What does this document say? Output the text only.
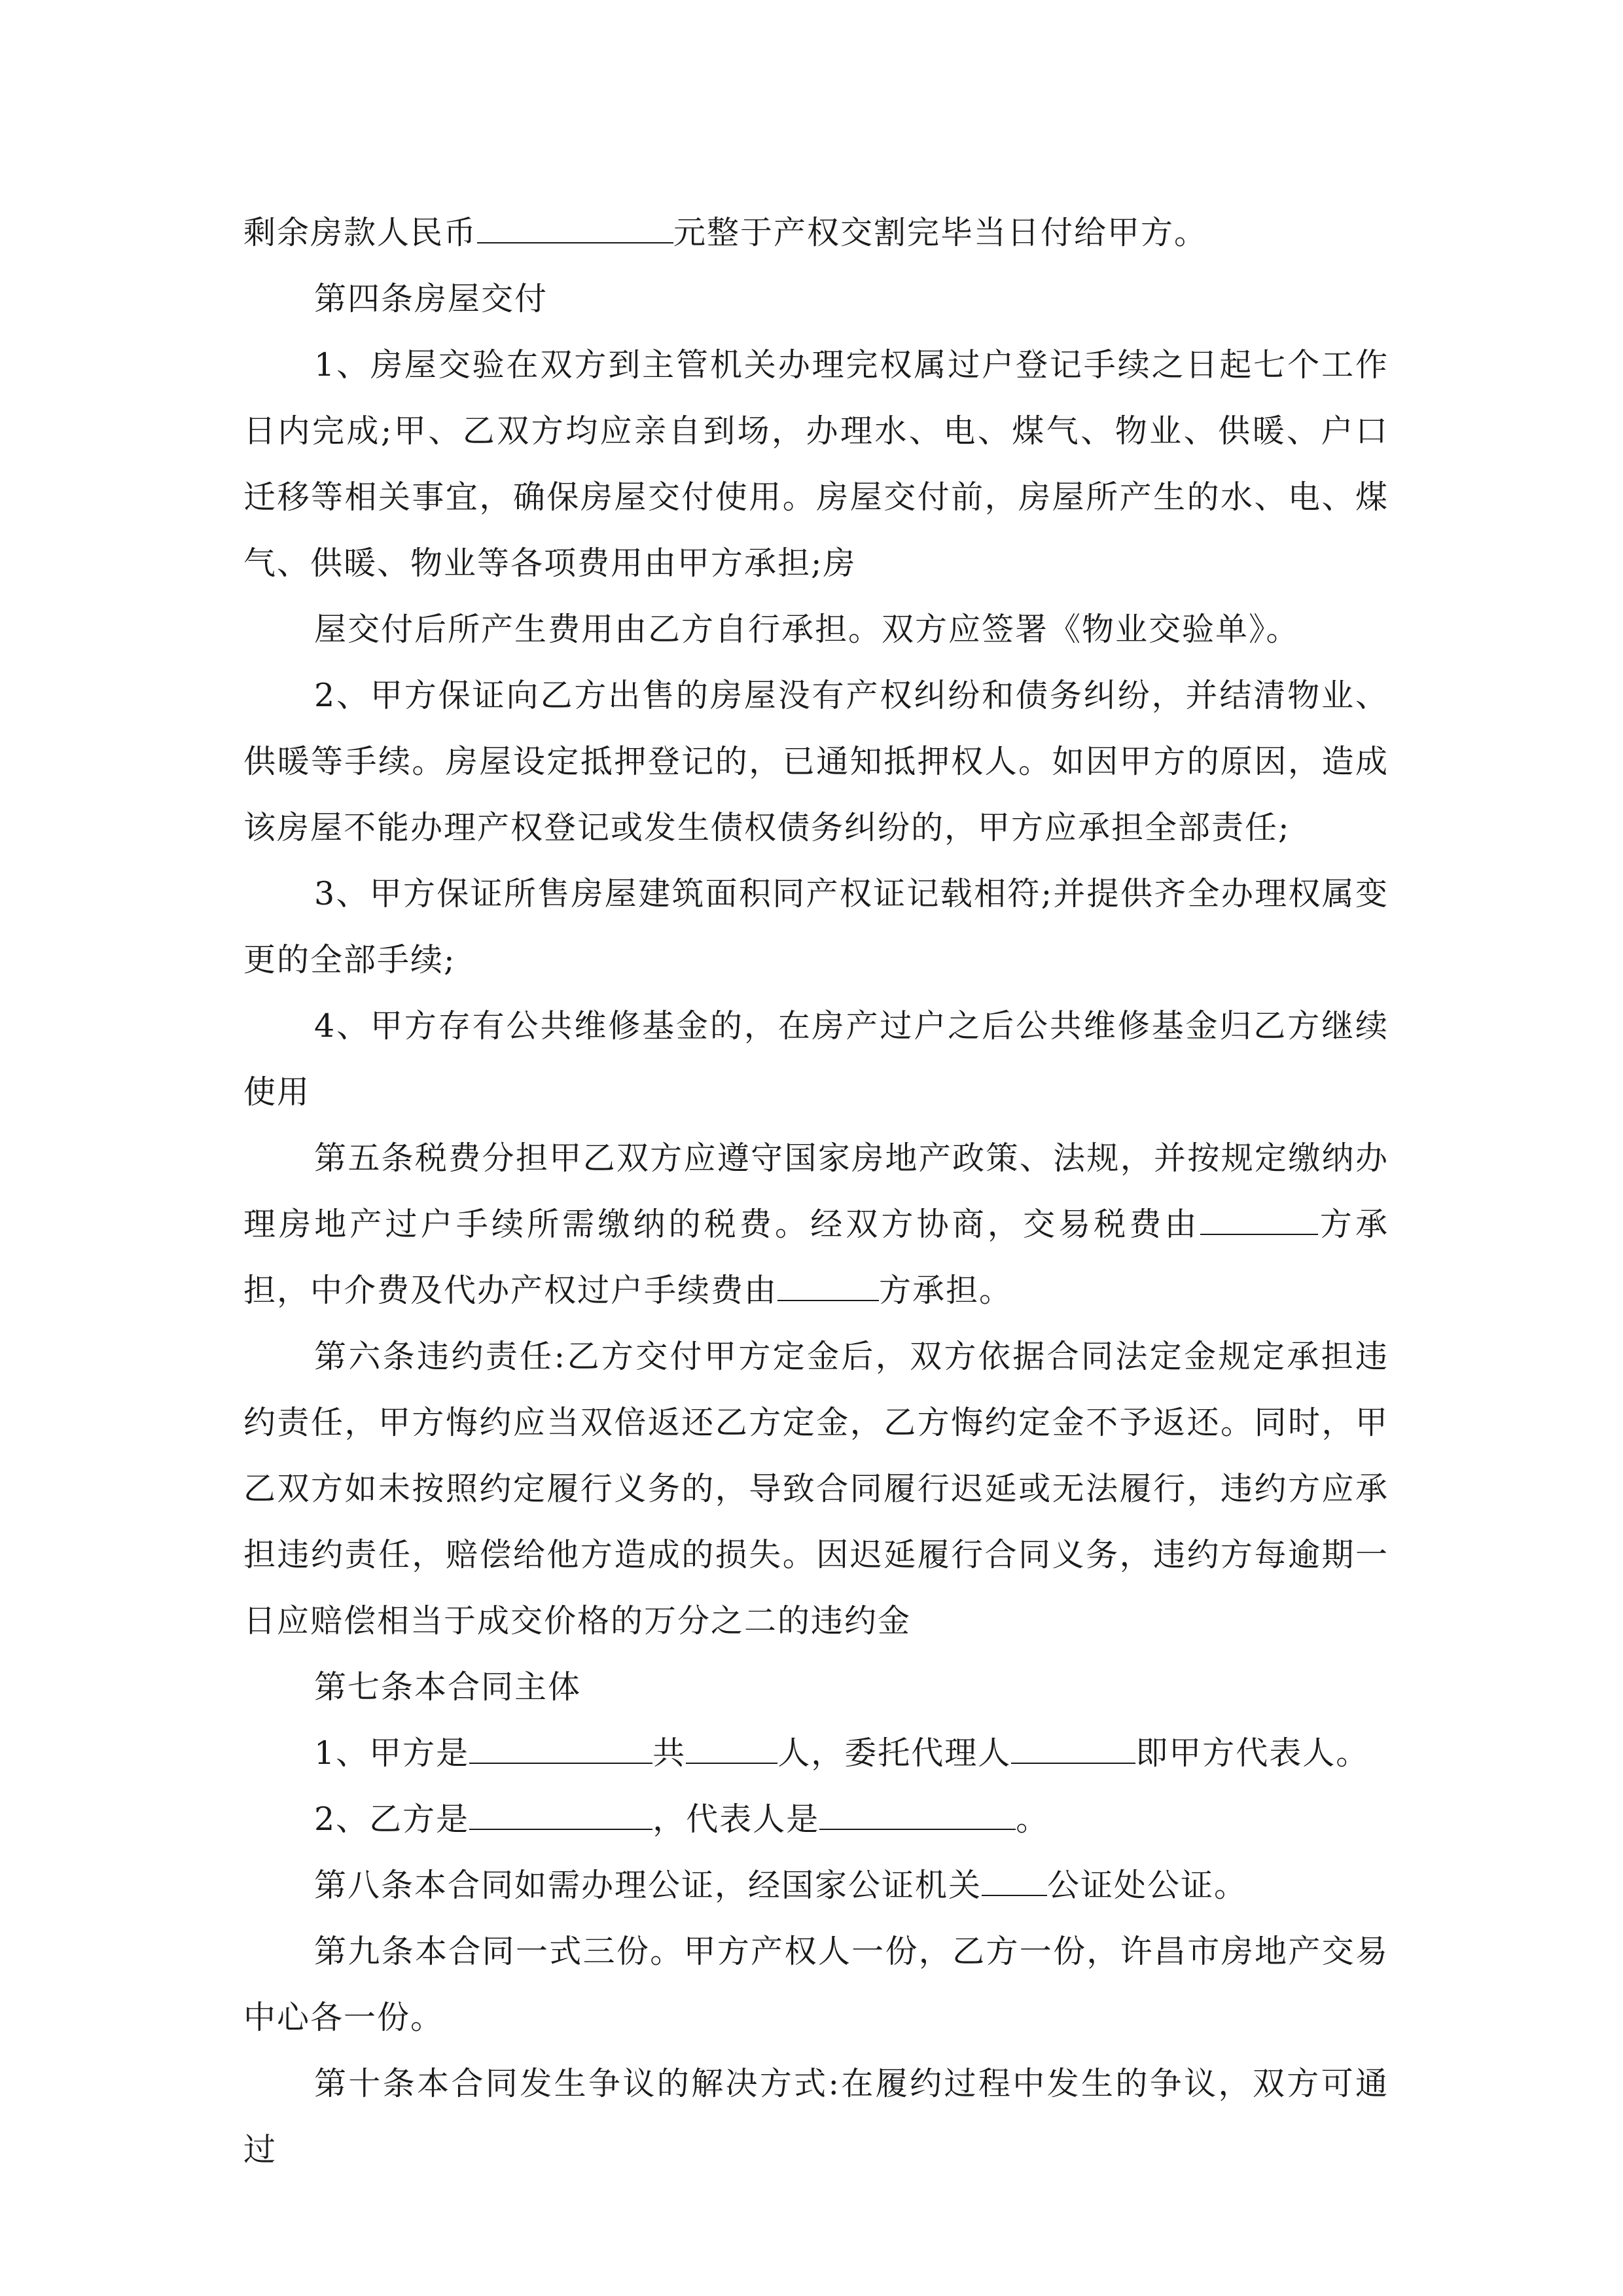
剩余房款人民币	元整于产权交割完毕当日付给甲方。

第四条房屋交付

1、房屋交验在双方到主管机关办理完权属过户登记手续之日起七个工作日内完成;甲、乙双方均应亲自到场，办理水、电、煤气、物业、供暖、户口迁移等相关事宜，确保房屋交付使用。房屋交付前，房屋所产生的水、电、煤气、供暖、物业等各项费用由甲方承担;房

屋交付后所产生费用由乙方自行承担。双方应签署《物业交验单》。

2、甲方保证向乙方出售的房屋没有产权纠纷和债务纠纷，并结清物业、供暖等手续。房屋设定抵押登记的，已通知抵押权人。如因甲方的原因，造成该房屋不能办理产权登记或发生债权债务纠纷的，甲方应承担全部责任;

3、甲方保证所售房屋建筑面积同产权证记载相符;并提供齐全办理权属变更的全部手续;

4、甲方存有公共维修基金的，在房产过户之后公共维修基金归乙方继续使用

第五条税费分担甲乙双方应遵守国家房地产政策、法规，并按规定缴纳办理房地产过户手续所需缴纳的税费。经双方协商，交易税费由	方承担，中介费及代办产权过户手续费由	方承担。

第六条违约责任:乙方交付甲方定金后，双方依据合同法定金规定承担违约责任，甲方悔约应当双倍返还乙方定金，乙方悔约定金不予返还。同时，甲乙双方如未按照约定履行义务的，导致合同履行迟延或无法履行，违约方应承担违约责任，赔偿给他方造成的损失。因迟延履行合同义务，违约方每逾期一日应赔偿相当于成交价格的万分之二的违约金

第七条本合同主体

1、甲方是	共	人，委托代理人	即甲方代表人。

2、乙方是	，代表人是	。

第八条本合同如需办理公证，经国家公证机关 公证处公证。

第九条本合同一式三份。甲方产权人一份，乙方一份，许昌市房地产交易中心各一份。

第十条本合同发生争议的解决方式:在履约过程中发生的争议，双方可通过
